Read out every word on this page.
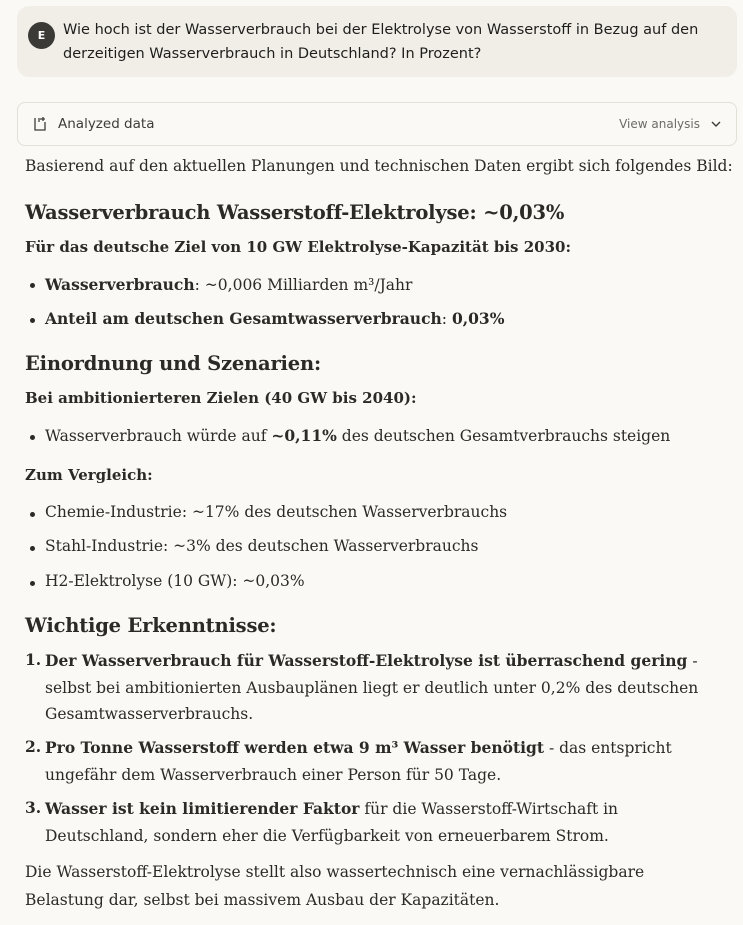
E	Wie hoch ist der Wasserverbrauch bei der Elektrolyse von Wasserstoff in Bezug auf den derzeitigen Wasserverbrauch in Deutschland? In Prozent?
Analyzed data	View analysis
Basierend auf den aktuellen Planungen und technischen Daten ergibt sich folgendes Bild:
Wasserverbrauch Wasserstoff-Elektrolyse: ~0,03%
Für das deutsche Ziel von 10 GW Elektrolyse-Kapazität bis 2030:
Wasserverbrauch: ~0,006 Milliarden m³/Jahr
Anteil am deutschen Gesamtwasserverbrauch: 0,03%
Einordnung und Szenarien:
Bei ambitionierteren Zielen (40 GW bis 2040):
Wasserverbrauch würde auf ~0,11% des deutschen Gesamtverbrauchs steigen
Zum Vergleich:
Chemie-Industrie: ~17% des deutschen Wasserverbrauchs
Stahl-Industrie: ~3% des deutschen Wasserverbrauchs
H2-Elektrolyse (10 GW): ~0,03%
Wichtige Erkenntnisse:
1. Der Wasserverbrauch für Wasserstoff-Elektrolyse ist überraschend gering - selbst bei ambitionierten Ausbauplänen liegt er deutlich unter 0,2% des deutschen Gesamtwasserverbrauchs.
2. Pro Tonne Wasserstoff werden etwa 9 m³ Wasser benötigt - das entspricht ungefähr dem Wasserverbrauch einer Person für 50 Tage.
3. Wasser ist kein limitierender Faktor für die Wasserstoff-Wirtschaft in Deutschland, sondern eher die Verfügbarkeit von erneuerbarem Strom.
Die Wasserstoff-Elektrolyse stellt also wassertechnisch eine vernachlässigbare Belastung dar, selbst bei massivem Ausbau der Kapazitäten.
